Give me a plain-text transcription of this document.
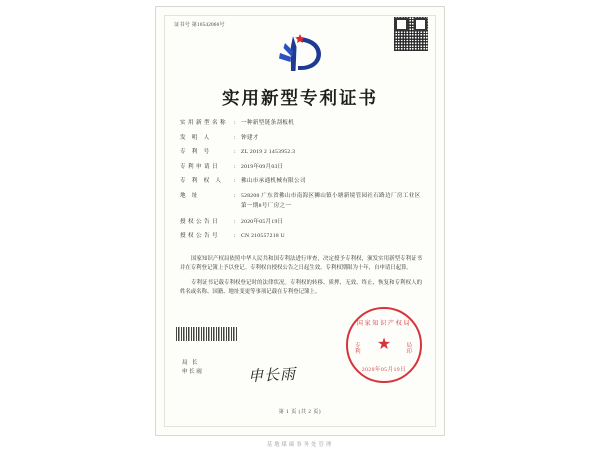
证书号 第10542066号
实用新型专利证书
实用新型名称	: 一种新型链条刮板机
发 明 人	: 钟建才
专 利 号	: ZL 2019 2 1453952.3
专利申请日	: 2019年09月03日
专 利 权 人	: 佛山市承通机械有限公司
地 址	: 528200 广东省佛山市南海区狮山镇小塘新境管园社石路边厂房工业区第一期8号厂房之一
授权公告日	: 2020年05月19日
授权公告号	: CN 210557218 U

国家知识产权局依照中华人民共和国专利法进行审查，决定授予专利权，颁发实用新型专利证书并在专利登记簿上予以登记。专利权自授权公告之日起生效。专利权期限为十年，自申请日起算。

专利证书记载专利权登记时的法律状况。专利权的转移、质押、无效、终止、恢复和专利权人的姓名或名称、国籍、地址变更等事项记载在专利登记簿上。

国家知识产权局
★
专利
局印
2020年05月19日
局 长
申长雨	申长雨
第 1 页 (共 2 页)
基地煤碳事务处管理
